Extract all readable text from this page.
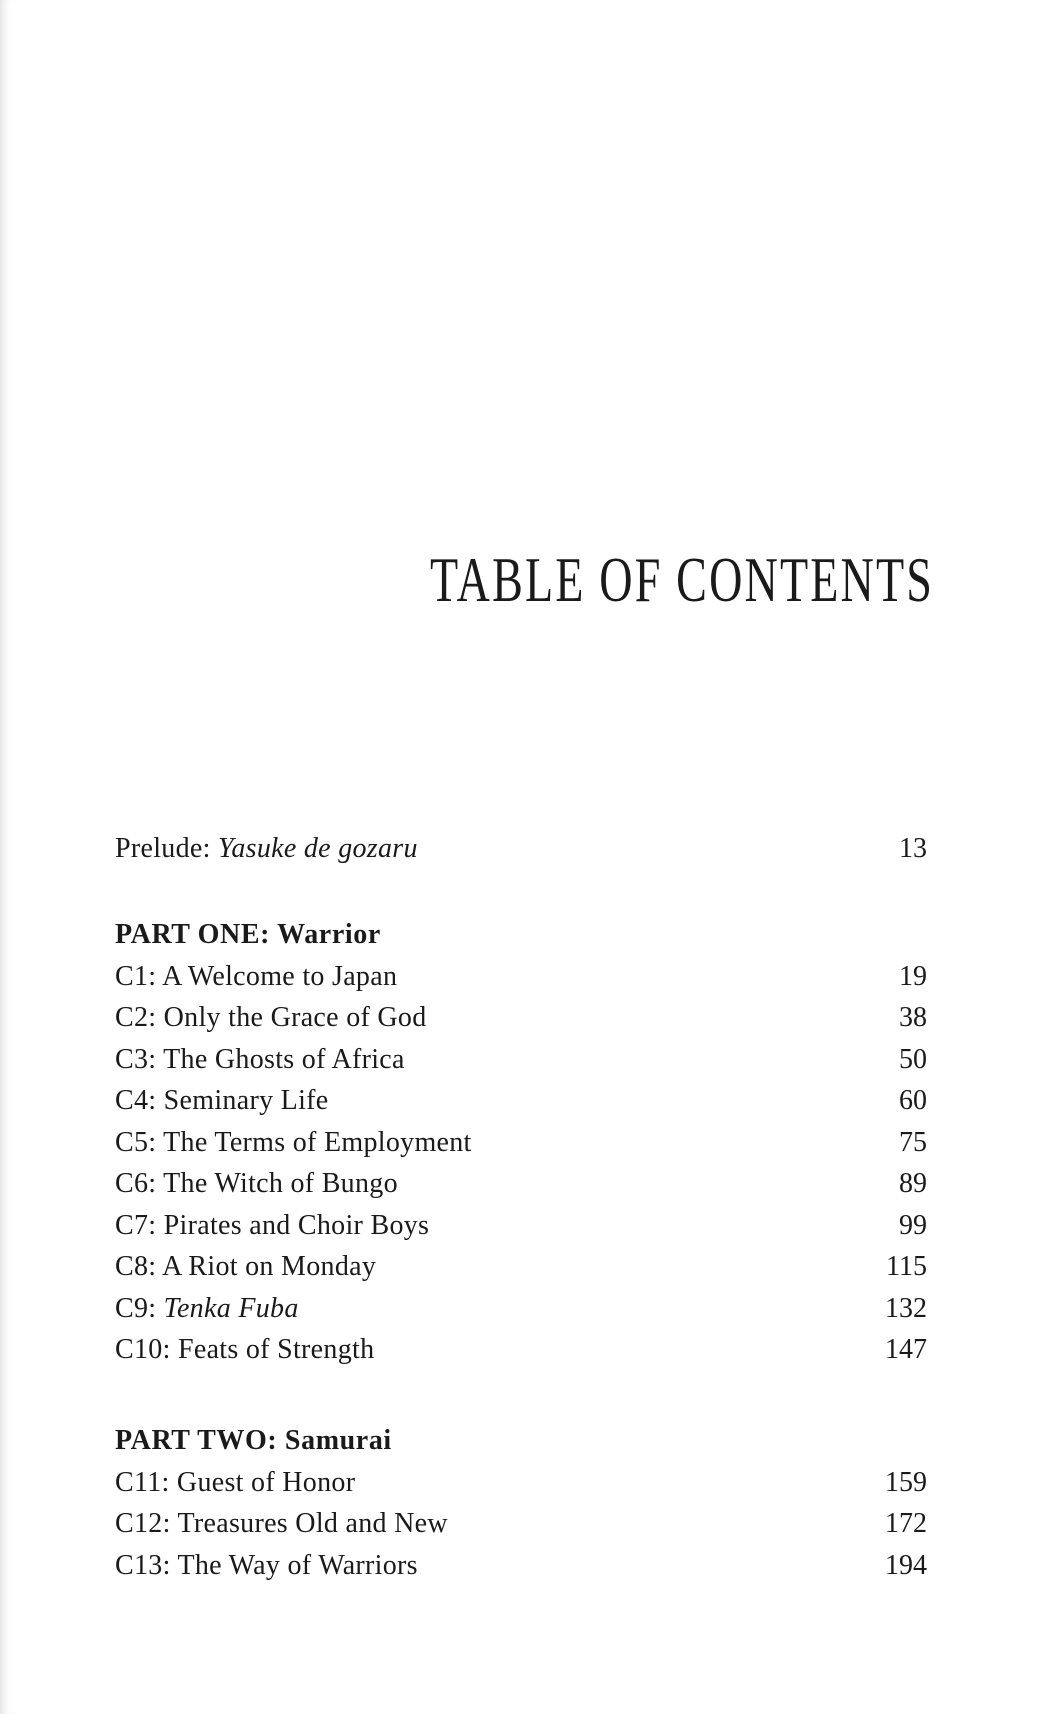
TABLE OF CONTENTS
Prelude: Yasuke de gozaru	13
PART ONE: Warrior
C1: A Welcome to Japan	19
C2: Only the Grace of God	38
C3: The Ghosts of Africa	50
C4: Seminary Life	60
C5: The Terms of Employment	75
C6: The Witch of Bungo	89
C7: Pirates and Choir Boys	99
C8: A Riot on Monday	115
C9: Tenka Fuba	132
C10: Feats of Strength	147
PART TWO: Samurai
C11: Guest of Honor	159
C12: Treasures Old and New	172
C13: The Way of Warriors	194
